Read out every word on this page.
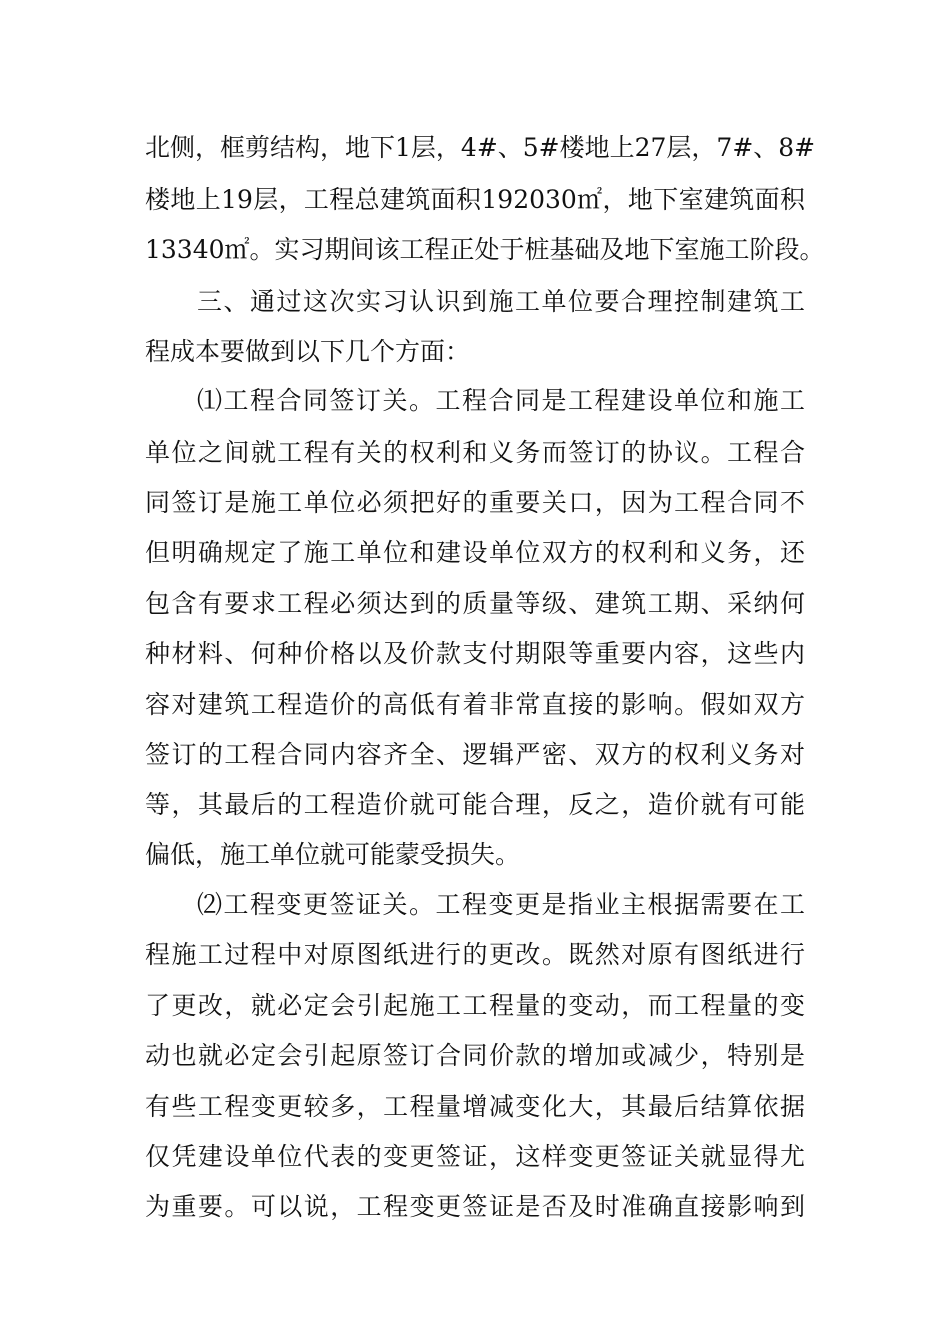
北侧，框剪结构，地下1层，4#、5#楼地上27层，7#、8#
楼地上19层，工程总建筑面积192030㎡，地下室建筑面积
13340㎡。实习期间该工程正处于桩基础及地下室施工阶段。
三、通过这次实习认识到施工单位要合理控制建筑工
程成本要做到以下几个方面：
⑴工程合同签订关。工程合同是工程建设单位和施工
单位之间就工程有关的权利和义务而签订的协议。工程合
同签订是施工单位必须把好的重要关口，因为工程合同不
但明确规定了施工单位和建设单位双方的权利和义务，还
包含有要求工程必须达到的质量等级、建筑工期、采纳何
种材料、何种价格以及价款支付期限等重要内容，这些内
容对建筑工程造价的高低有着非常直接的影响。假如双方
签订的工程合同内容齐全、逻辑严密、双方的权利义务对
等，其最后的工程造价就可能合理，反之，造价就有可能
偏低，施工单位就可能蒙受损失。
⑵工程变更签证关。工程变更是指业主根据需要在工
程施工过程中对原图纸进行的更改。既然对原有图纸进行
了更改，就必定会引起施工工程量的变动，而工程量的变
动也就必定会引起原签订合同价款的增加或减少，特别是
有些工程变更较多，工程量增减变化大，其最后结算依据
仅凭建设单位代表的变更签证，这样变更签证关就显得尤
为重要。可以说，工程变更签证是否及时准确直接影响到
